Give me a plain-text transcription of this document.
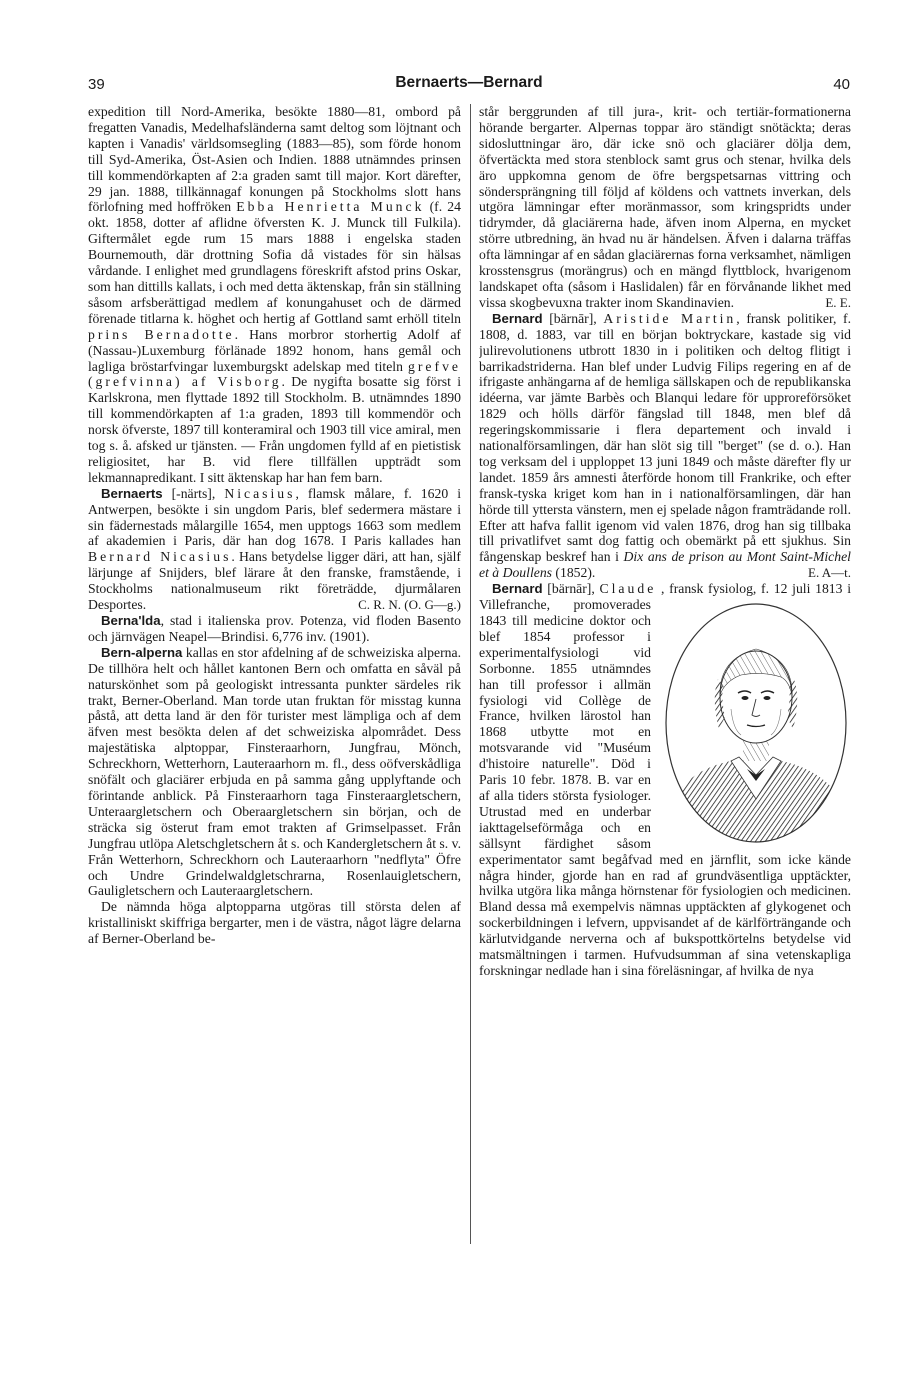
39	Bernaerts—Bernard	40

expedition till Nord-Amerika, besökte 1880—81, ombord på fregatten Vanadis, Medelhafsländerna samt deltog som löjtnant och kapten i Vanadis' världsomsegling (1883—85), som förde honom till Syd-Amerika, Öst-Asien och Indien. 1888 utnämndes prinsen till kommendörkapten af 2:a graden samt till major. Kort därefter, 29 jan. 1888, tillkännagaf konungen på Stockholms slott hans förlofning med hoffröken Ebba Henrietta Munck (f. 24 okt. 1858, dotter af aflidne öfversten K. J. Munck till Fulkila). Giftermålet egde rum 15 mars 1888 i engelska staden Bournemouth, där drottning Sofia då vistades för sin hälsas vårdande. I enlighet med grundlagens föreskrift afstod prins Oskar, som han dittills kallats, i och med detta äktenskap, från sin ställning såsom arfsberättigad medlem af konungahuset och de därmed förenade titlarna k. höghet och hertig af Gottland samt erhöll titeln prins Bernadotte. Hans morbror storhertig Adolf af (Nassau-)Luxemburg förlänade 1892 honom, hans gemål och lagliga bröstarfvingar luxemburgskt adelskap med titeln grefve (grefvinna) af Visborg. De nygifta bosatte sig först i Karlskrona, men flyttade 1892 till Stockholm. B. utnämndes 1890 till kommendörkapten af 1:a graden, 1893 till kommendör och norsk öfverste, 1897 till konteramiral och 1903 till vice amiral, men tog s. å. afsked ur tjänsten. — Från ungdomen fylld af en pietistisk religiositet, har B. vid flere tillfällen uppträdt som lekmannapredikant. I sitt äktenskap har han fem barn.

Bernaerts [-närts], Nicasius, flamsk målare, f. 1620 i Antwerpen, besökte i sin ungdom Paris, blef sedermera mästare i sin fädernestads målargille 1654, men upptogs 1663 som medlem af akademien i Paris, där han dog 1678. I Paris kallades han Bernard Nicasius. Hans betydelse ligger däri, att han, själf lärjunge af Snijders, blef lärare åt den franske, framstående, i Stockholms nationalmuseum rikt företrädde, djurmålaren Desportes.	C. R. N. (O. G—g.)

Berna'lda, stad i italienska prov. Potenza, vid floden Basento och järnvägen Neapel—Brindisi. 6,776 inv. (1901).

Bern-alperna kallas en stor afdelning af de schweiziska alperna. De tillhöra helt och hållet kantonen Bern och omfatta en såväl på naturskönhet som på geologiskt intressanta punkter särdeles rik trakt, Berner-Oberland. Man torde utan fruktan för misstag kunna påstå, att detta land är den för turister mest lämpliga och af dem äfven mest besökta delen af det schweiziska alpområdet. Dess majestätiska alptoppar, Finsteraarhorn, Jungfrau, Mönch, Schreckhorn, Wetterhorn, Lauteraarhorn m. fl., dess oöfverskådliga snöfält och glaciärer erbjuda en på samma gång upplyftande och förintande anblick. På Finsteraarhorn taga Finsteraargletschern, Unteraargletschern och Oberaargletschern sin början, och de sträcka sig österut fram emot trakten af Grimselpasset. Från Jungfrau utlöpa Aletschgletschern åt s. och Kandergletschern åt s. v. Från Wetterhorn, Schreckhorn och Lauteraarhorn "nedflyta" Öfre och Undre Grindelwaldgletschrarna, Rosenlauigletschern, Gauligletschern och Lauteraargletschern.

De nämnda höga alptopparna utgöras till största delen af kristalliniskt skiffriga bergarter, men i de västra, något lägre delarna af Berner-Oberland be-

står berggrunden af till jura-, krit- och tertiär-formationerna hörande bergarter. Alpernas toppar äro ständigt snötäckta; deras sidosluttningar äro, där icke snö och glaciärer dölja dem, öfvertäckta med stora stenblock samt grus och stenar, hvilka dels äro uppkomna genom de öfre bergspetsarnas vittring och söndersprängning till följd af köldens och vattnets inverkan, dels utgöra lämningar efter moränmassor, som kringspridts under tidrymder, då glaciärerna hade, äfven inom Alperna, en mycket större utbredning, än hvad nu är händelsen. Äfven i dalarna träffas ofta lämningar af en sådan glaciärernas forna verksamhet, nämligen krosstensgrus (morängrus) och en mängd flyttblock, hvarigenom landskapet ofta (såsom i Haslidalen) får en förvånande likhet med vissa skogbevuxna trakter inom Skandinavien.	E. E.

Bernard [bärnār], Aristide Martin, fransk politiker, f. 1808, d. 1883, var till en början boktryckare, kastade sig vid julirevolutionens utbrott 1830 in i politiken och deltog flitigt i barrikadstriderna. Han blef under Ludvig Filips regering en af de ifrigaste anhängarna af de hemliga sällskapen och de republikanska idéerna, var jämte Barbès och Blanqui ledare för upproreförsöket 1829 och hölls därför fängslad till 1848, men blef då regeringskommissarie i flera departement och invald i nationalförsamlingen, där han slöt sig till "berget" (se d. o.). Han tog verksam del i upploppet 13 juni 1849 och måste därefter fly ur landet. 1859 års amnesti återförde honom till Frankrike, och efter fransk-tyska kriget kom han in i nationalförsamlingen, där han hörde till yttersta vänstern, men ej spelade någon framträdande roll. Efter att hafva fallit igenom vid valen 1876, drog han sig tillbaka till privatlifvet samt dog fattig och obemärkt på ett sjukhus. Sin fångenskap beskref han i Dix ans de prison au Mont Saint-Michel et à Doullens (1852).	E. A—t.

Bernard [bärnār], Claude , fransk fysiolog, f. 12 juli 1813 i Villefranche, promoverades 1843 till medicine doktor och blef 1854 professor i experimentalfysiologi vid Sorbonne. 1855 utnämndes han till professor i allmän fysiologi vid Collège de France, hvilken lärostol han 1868 utbytte mot en motsvarande vid "Muséum d'histoire naturelle". Död i Paris 10 febr. 1878. B. var en af alla tiders största fysiologer. Utrustad med en underbar iakttagelseförmåga och en sällsynt färdighet såsom experimentator samt begåfvad med en järnflit, som icke kände några hinder, gjorde han en rad af grundväsentliga upptäckter, hvilka utgöra lika många hörnstenar för fysiologien och medicinen. Bland dessa må exempelvis nämnas upptäckten af glykogenet och sockerbildningen i lefvern, uppvisandet af de kärlförträngande och kärlutvidgande nerverna och af bukspottkörtelns betydelse vid matsmältningen i tarmen. Hufvudsumman af sina vetenskapliga forskningar nedlade han i sina föreläsningar, af hvilka de nya
